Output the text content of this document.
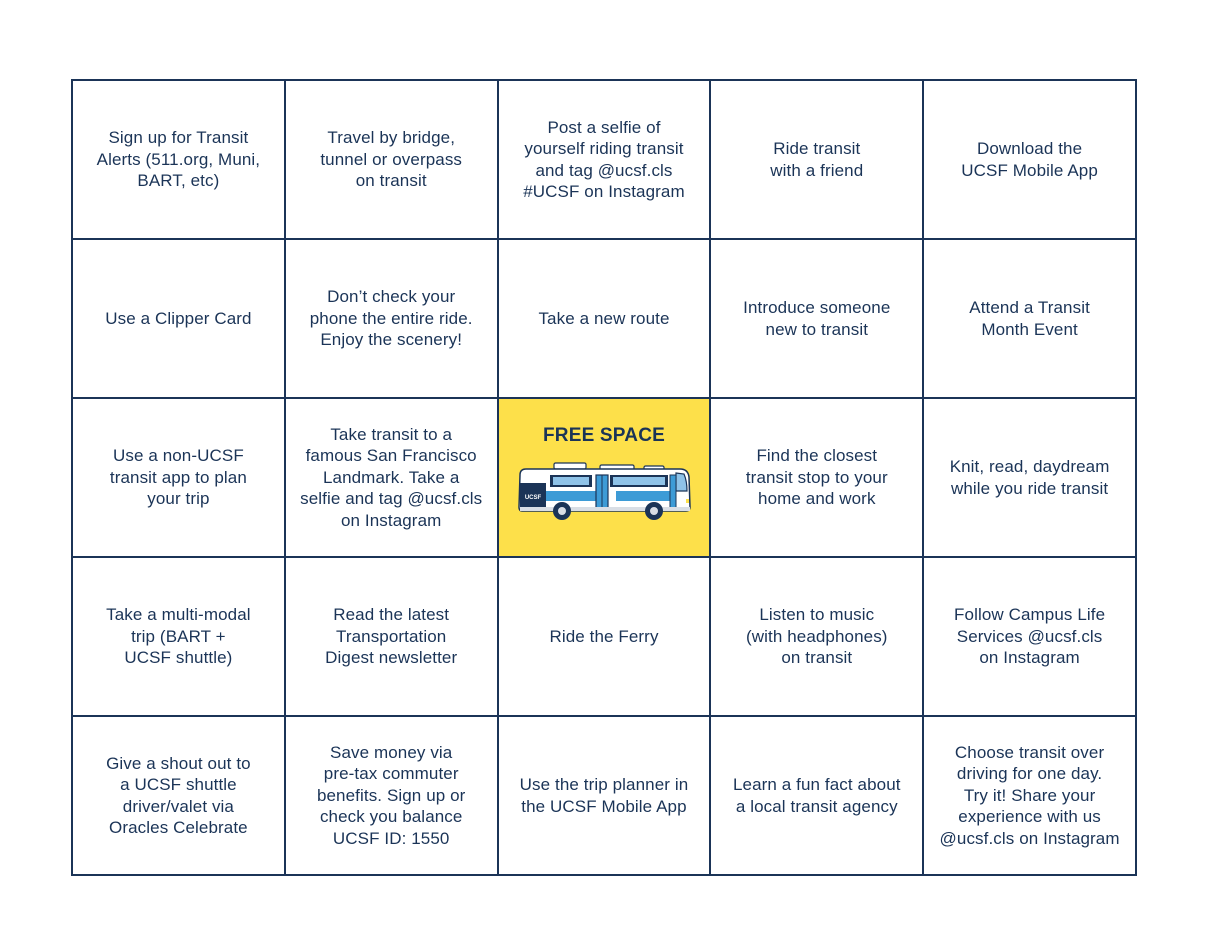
Sign up for Transit
Alerts (511.org, Muni,
BART, etc)
Travel by bridge,
tunnel or overpass
on transit
Post a selfie of
yourself riding transit
and tag @ucsf.cls
#UCSF on Instagram
Ride transit
with a friend
Download the
UCSF Mobile App
Use a Clipper Card
Don’t check your
phone the entire ride.
Enjoy the scenery!
Take a new route
Introduce someone
new to transit
Attend a Transit
Month Event
Use a non-UCSF
transit app to plan
your trip
Take transit to a
famous San Francisco
Landmark. Take a
selfie and tag @ucsf.cls
on Instagram
FREE SPACE
UCSF
Find the closest
transit stop to your
home and work
Knit, read, daydream
while you ride transit
Take a multi-modal
trip (BART +
UCSF shuttle)
Read the latest
Transportation
Digest newsletter
Ride the Ferry
Listen to music
(with headphones)
on transit
Follow Campus Life
Services @ucsf.cls
on Instagram
Give a shout out to
a UCSF shuttle
driver/valet via
Oracles Celebrate
Save money via
pre-tax commuter
benefits. Sign up or
check you balance
UCSF ID: 1550
Use the trip planner in
the UCSF Mobile App
Learn a fun fact about
a local transit agency
Choose transit over
driving for one day.
Try it! Share your
experience with us
@ucsf.cls on Instagram
